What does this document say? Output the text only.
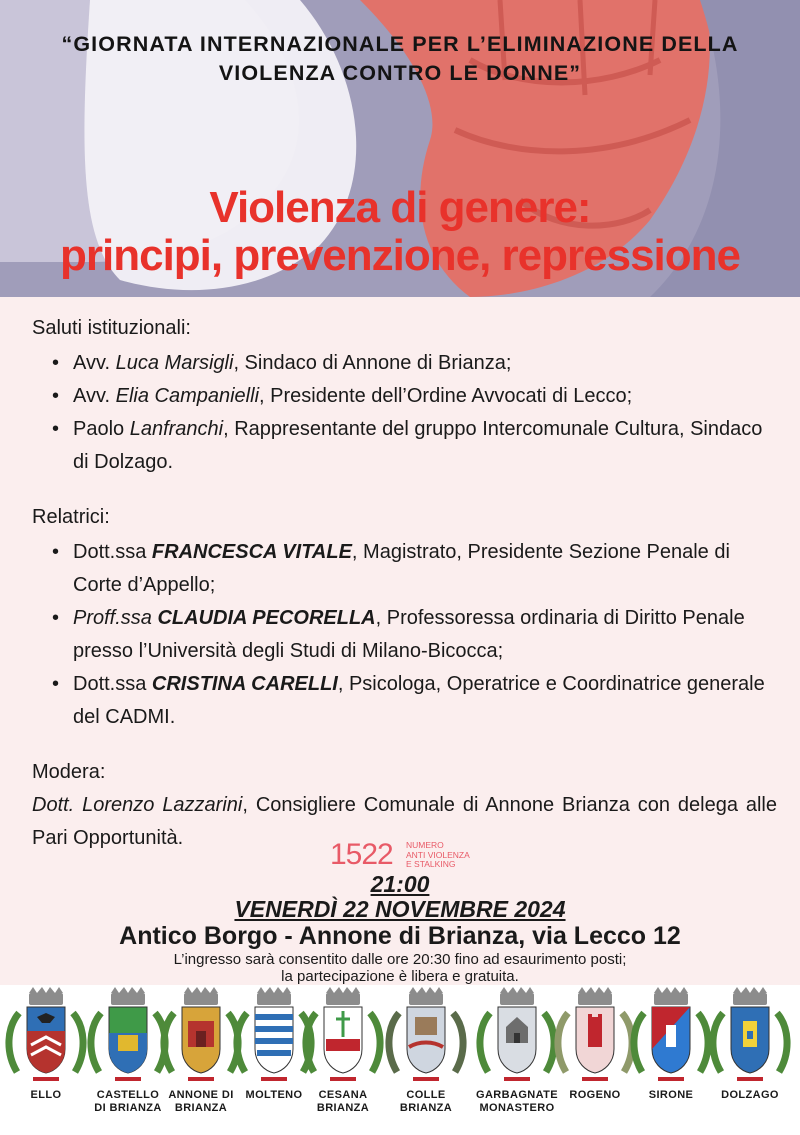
“GIORNATA INTERNAZIONALE PER L’ELIMINAZIONE DELLA
VIOLENZA CONTRO LE DONNE”
Violenza di genere:
principi, prevenzione, repressione

Saluti istituzionali:

• Avv. Luca Marsigli, Sindaco di Annone di Brianza;
• Avv. Elia Campanielli, Presidente dell’Ordine Avvocati di Lecco;
• Paolo Lanfranchi, Rappresentante del gruppo Intercomunale Cultura, Sindaco di Dolzago.

Relatrici:

• Dott.ssa FRANCESCA VITALE, Magistrato, Presidente Sezione Penale di Corte d’Appello;
• Proff.ssa CLAUDIA PECORELLA, Professoressa ordinaria di Diritto Penale presso l’Università degli Studi di Milano-Bicocca;
• Dott.ssa CRISTINA CARELLI, Psicologa, Operatrice e Coordinatrice generale del CADMI.

Modera:

Dott. Lorenzo Lazzarini, Consigliere Comunale di Annone Brianza con delega alle Pari Opportunità.	1522 NUMERO
ANTI VIOLENZA
E STALKING
21:00
VENERDÌ 22 NOVEMBRE 2024
Antico Borgo - Annone di Brianza, via Lecco 12
L’ingresso sarà consentito dalle ore 20:30 fino ad esaurimento posti;
la partecipazione è libera e gratuita.
ELLO	CASTELLO
DI BRIANZA
ANNONE DI
BRIANZA
MOLTENO	CESANA
BRIANZA
COLLE
BRIANZA
GARBAGNATE
MONASTERO
ROGENO	SIRONE	DOLZAGO
